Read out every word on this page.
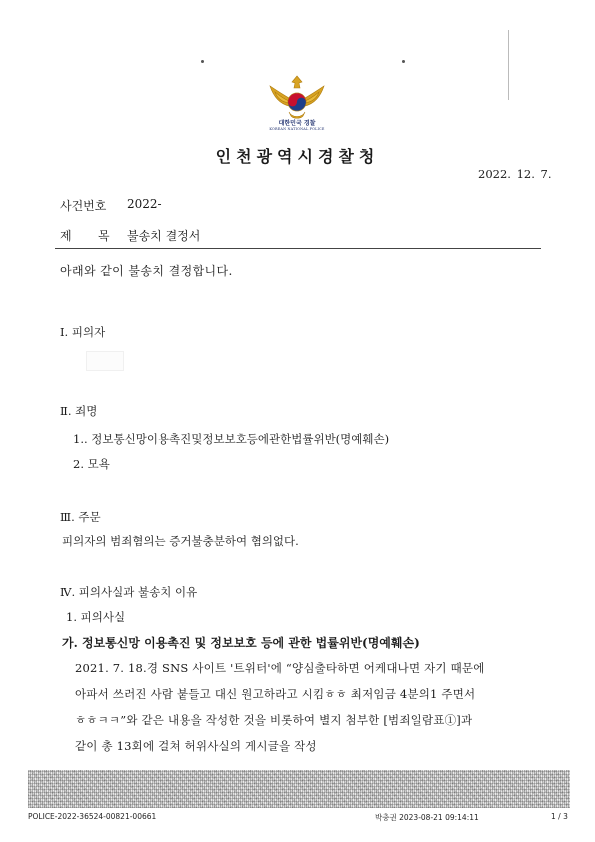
대한민국 경찰
KOREAN NATIONAL POLICE
인천광역시경찰청
2022. 12. 7.
사건번호 2022-
제 목 불송치 결정서
아래와 같이 불송치 결정합니다.
Ⅰ. 피의자
Ⅱ. 죄명
1.. 정보통신망이용촉진및정보보호등에관한법률위반(명예훼손)
2. 모욕
Ⅲ. 주문
피의자의 범죄혐의는 증거불충분하여 혐의없다.
Ⅳ. 피의사실과 불송치 이유
1. 피의사실
가. 정보통신망 이용촉진 및 정보보호 등에 관한 법률위반(명예훼손)
2021. 7. 18.경 SNS 사이트 '트위터'에 “양심출타하면 어케대나면 자기 때문에
아파서 쓰러진 사람 붙들고 대신 원고하라고 시킴ㅎㅎ 최저임금 4분의1 주면서
ㅎㅎㅋㅋ”와 같은 내용을 작성한 것을 비롯하여 별지 첨부한 [범죄일람표①]과
같이 총 13회에 걸쳐 허위사실의 게시글을 작성
POLICE-2022-36524-00821-00661	박충권 2023-08-21 09:14:11	1 / 3
